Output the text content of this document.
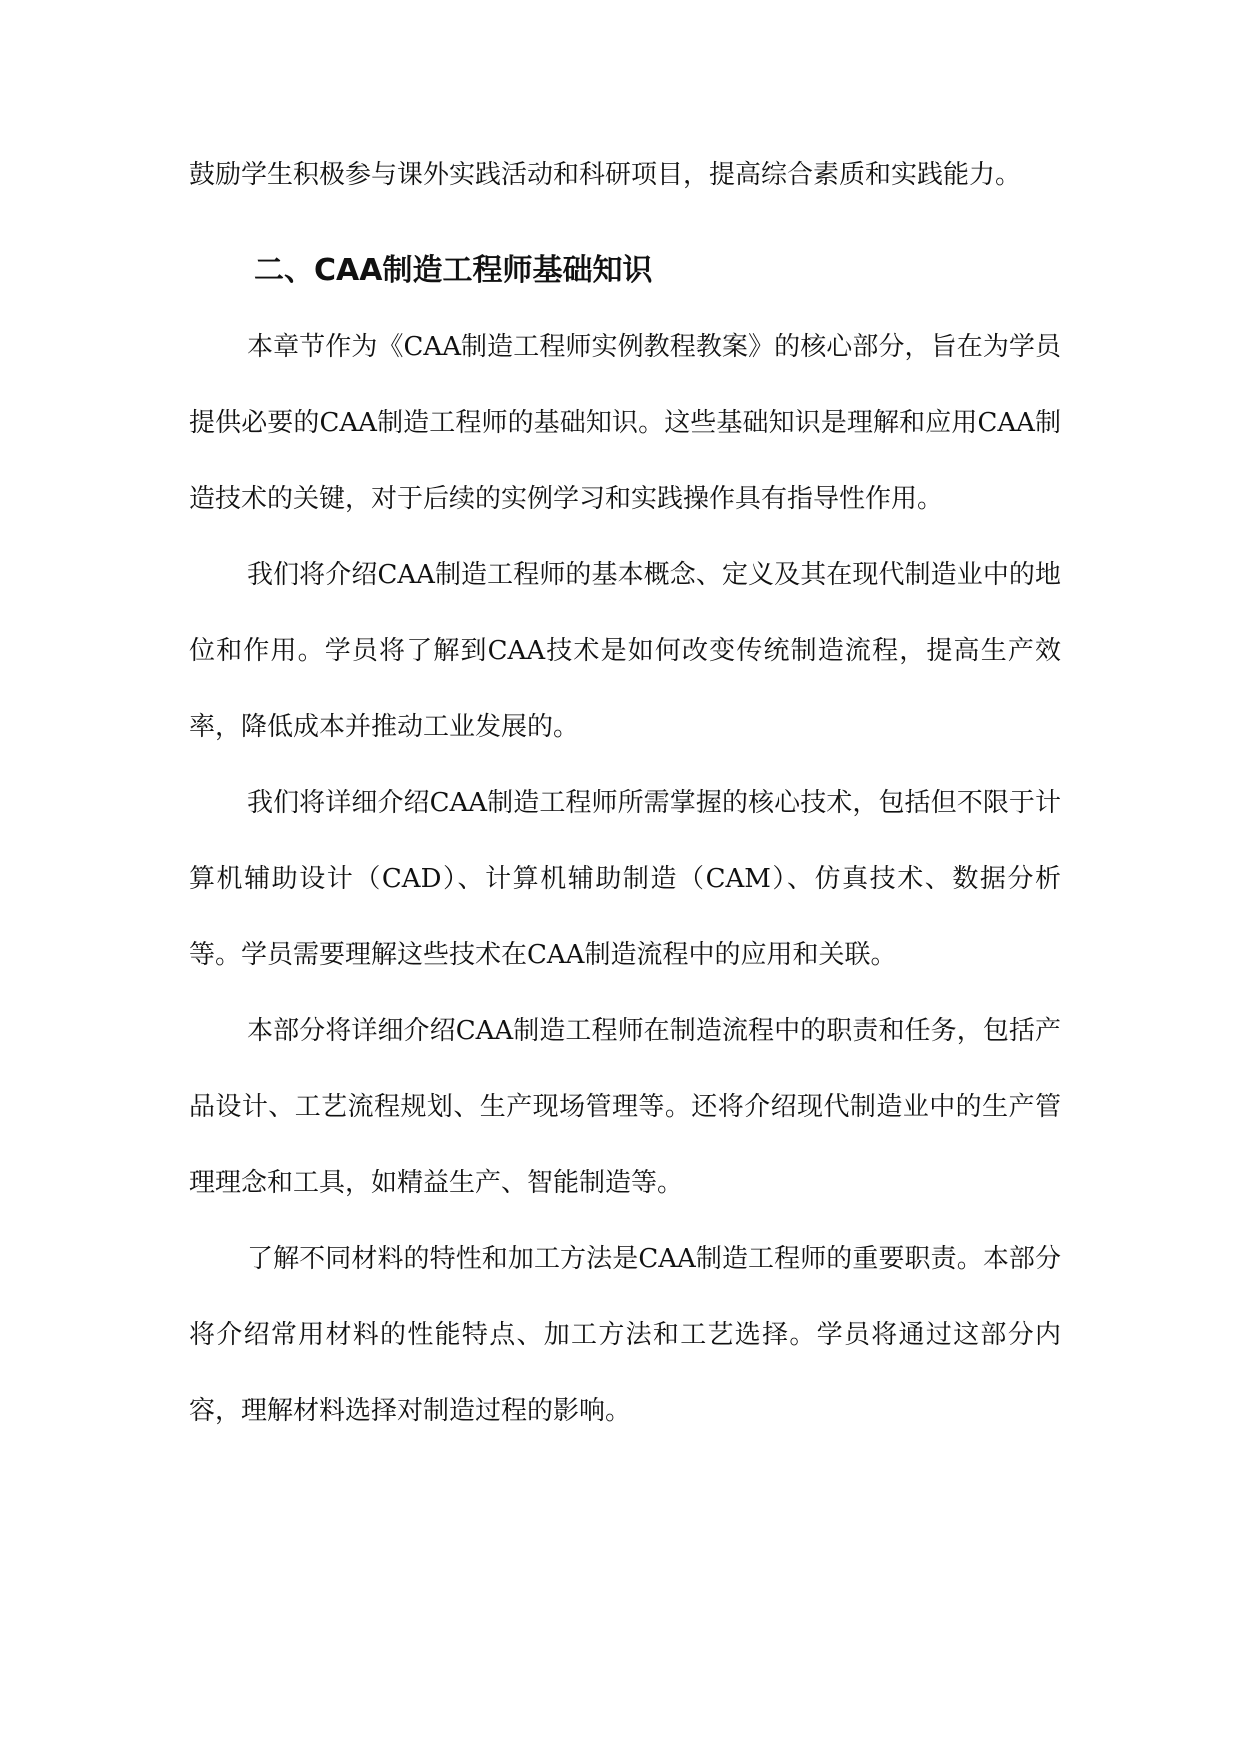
鼓励学生积极参与课外实践活动和科研项目，提高综合素质和实践能力。

二、CAA制造工程师基础知识

本章节作为《CAA制造工程师实例教程教案》的核心部分，旨在为学员提供必要的CAA制造工程师的基础知识。这些基础知识是理解和应用CAA制造技术的关键，对于后续的实例学习和实践操作具有指导性作用。

我们将介绍CAA制造工程师的基本概念、定义及其在现代制造业中的地位和作用。学员将了解到CAA技术是如何改变传统制造流程，提高生产效率，降低成本并推动工业发展的。

我们将详细介绍CAA制造工程师所需掌握的核心技术，包括但不限于计算机辅助设计（CAD）、计算机辅助制造（CAM）、仿真技术、数据分析等。学员需要理解这些技术在CAA制造流程中的应用和关联。

本部分将详细介绍CAA制造工程师在制造流程中的职责和任务，包括产品设计、工艺流程规划、生产现场管理等。还将介绍现代制造业中的生产管理理念和工具，如精益生产、智能制造等。

了解不同材料的特性和加工方法是CAA制造工程师的重要职责。本部分将介绍常用材料的性能特点、加工方法和工艺选择。学员将通过这部分内容，理解材料选择对制造过程的影响。
